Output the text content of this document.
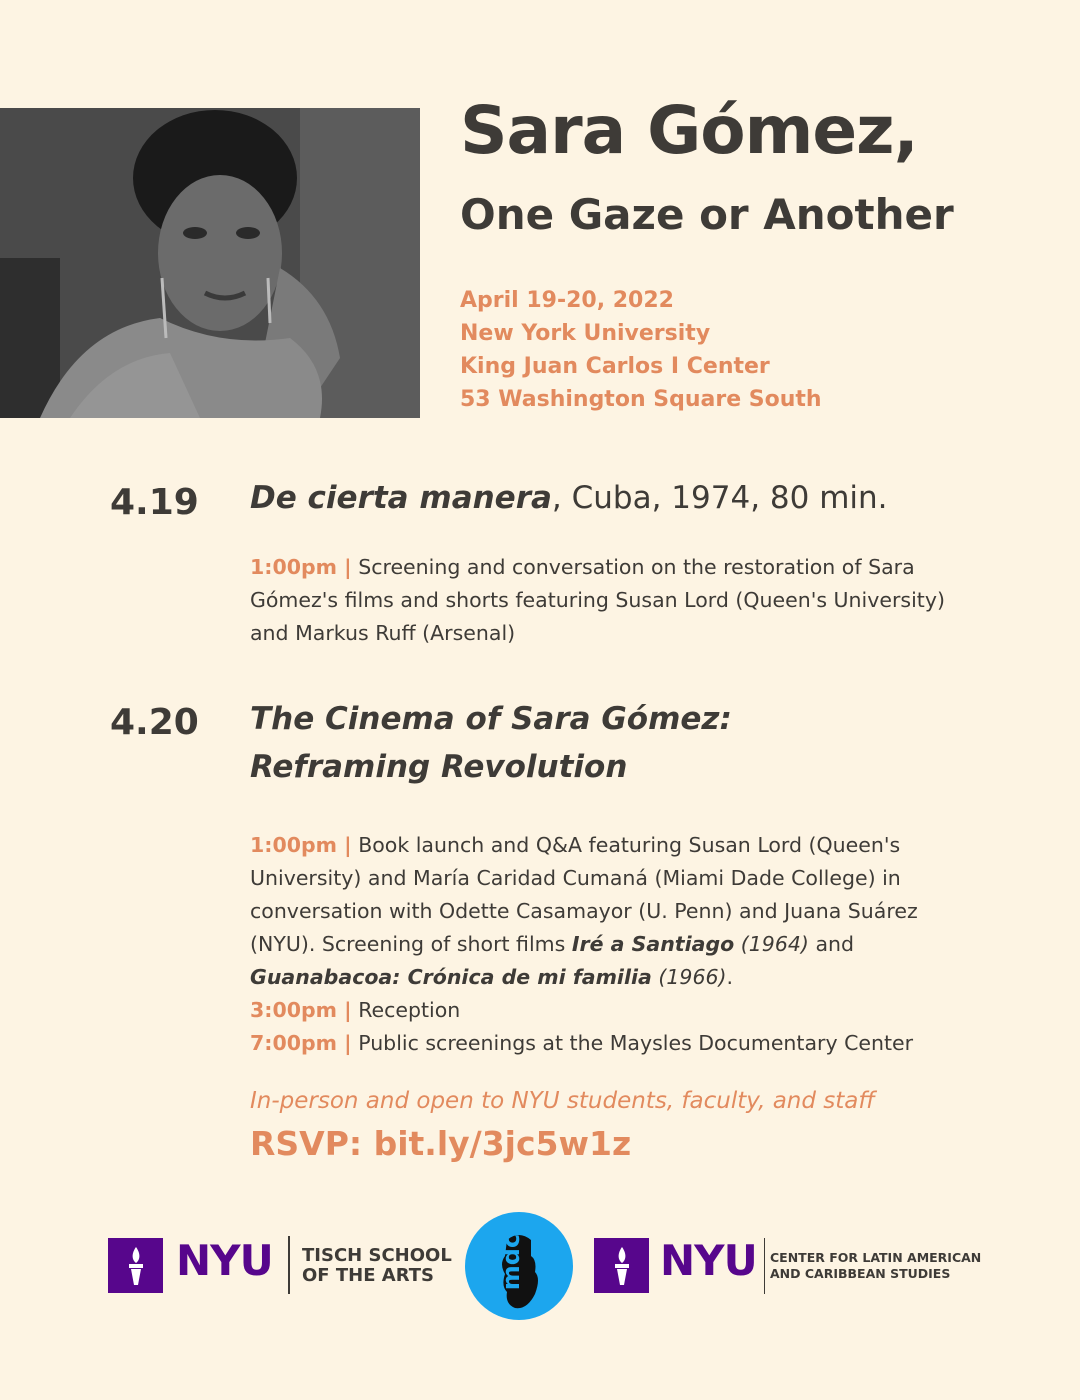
Sara Gómez,
One Gaze or Another
April 19-20, 2022
New York University
King Juan Carlos I Center
53 Washington Square South
4.19 De cierta manera, Cuba, 1974, 80 min.
1:00pm | Screening and conversation on the restoration of Sara Gómez's films and shorts featuring Susan Lord (Queen's University) and Markus Ruff (Arsenal)
4.20 The Cinema of Sara Gómez:
Reframing Revolution
1:00pm | Book launch and Q&A featuring Susan Lord (Queen's University) and María Caridad Cumaná (Miami Dade College) in conversation with Odette Casamayor (U. Penn) and Juana Suárez (NYU). Screening of short films Iré a Santiago (1964) and Guanabacoa: Crónica de mi familia (1966).
3:00pm | Reception
7:00pm | Public screenings at the Maysles Documentary Center
In-person and open to NYU students, faculty, and staff
RSVP: bit.ly/3jc5w1z
NYU TISCH SCHOOL
OF THE ARTS	mdc	NYU CENTER FOR LATIN AMERICAN
AND CARIBBEAN STUDIES
